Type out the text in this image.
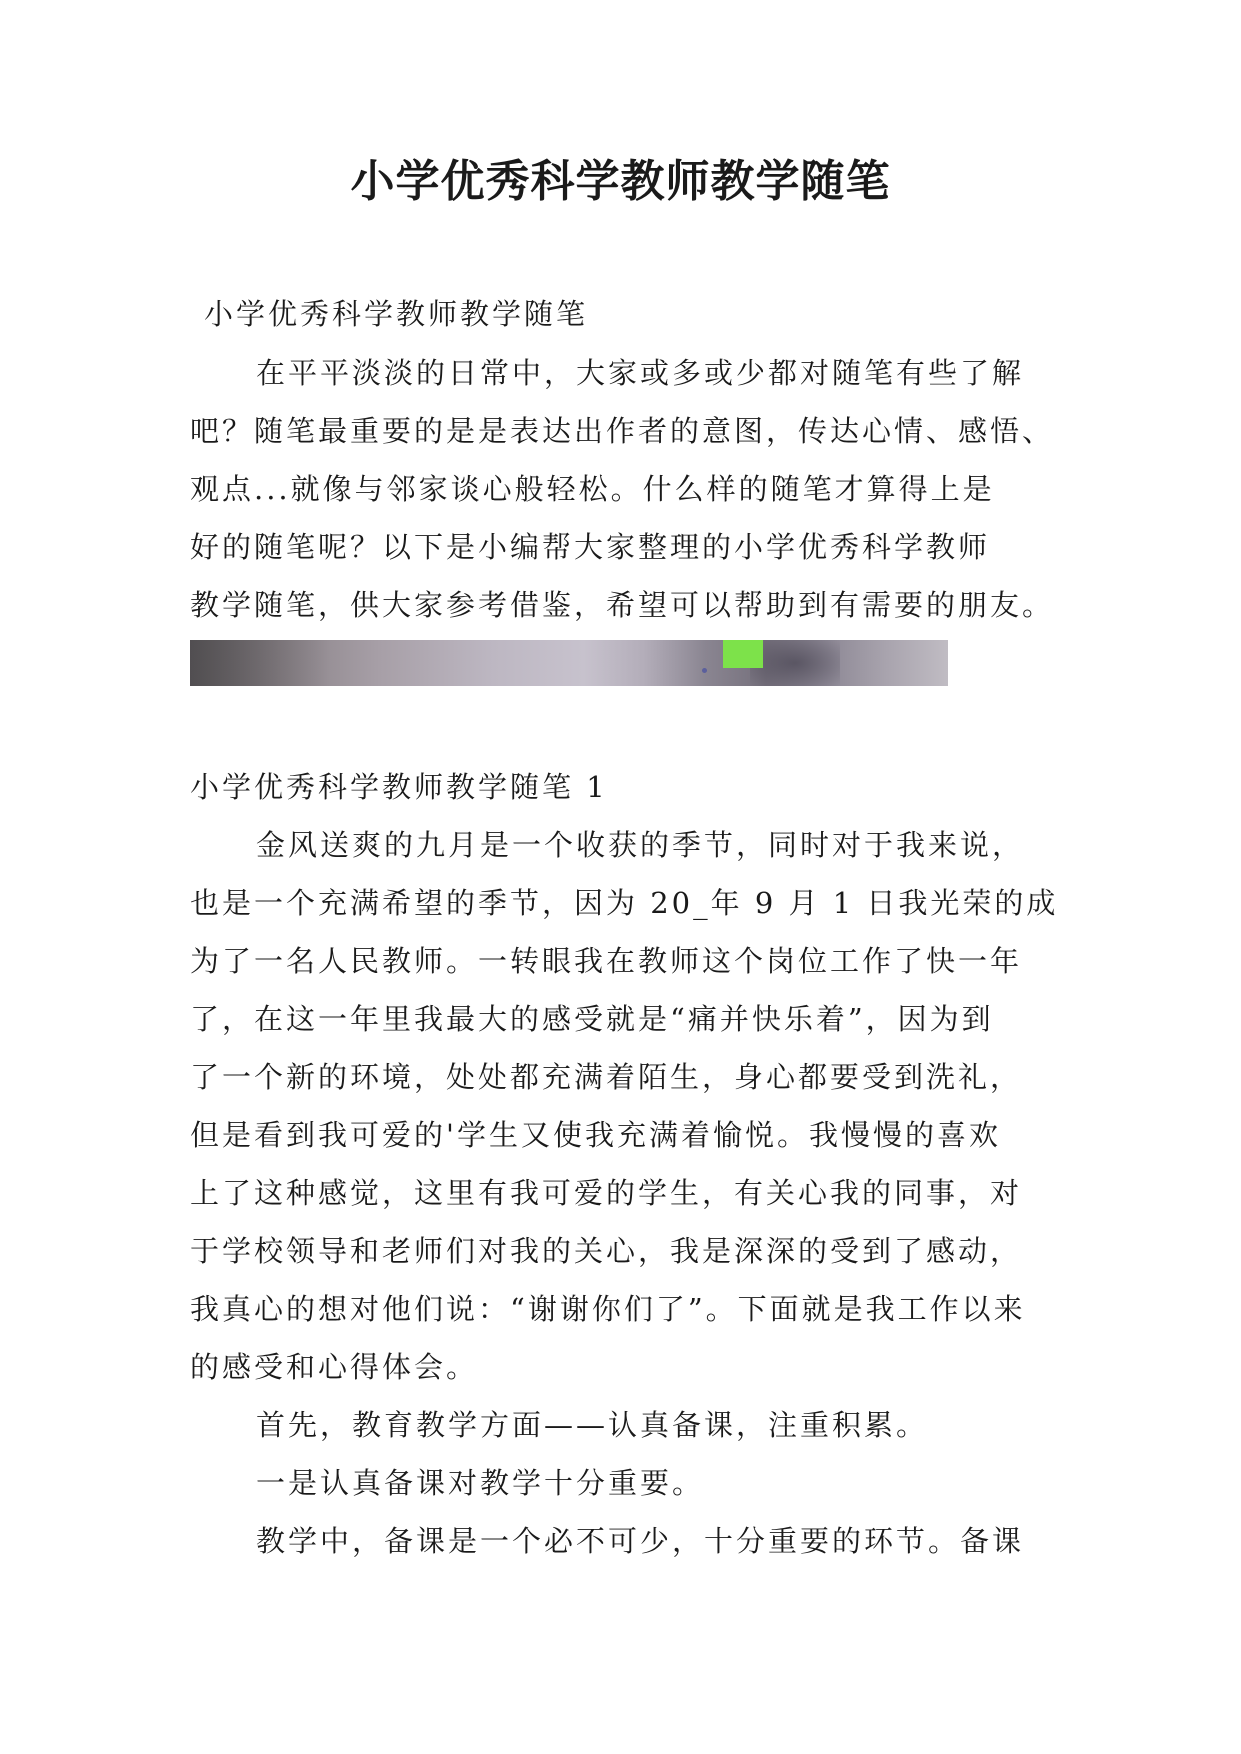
小学优秀科学教师教学随笔
小学优秀科学教师教学随笔
在平平淡淡的日常中，大家或多或少都对随笔有些了解
吧？随笔最重要的是是表达出作者的意图，传达心情、感悟、
观点...就像与邻家谈心般轻松。什么样的随笔才算得上是
好的随笔呢？以下是小编帮大家整理的小学优秀科学教师
教学随笔，供大家参考借鉴，希望可以帮助到有需要的朋友。
小学优秀科学教师教学随笔 1
金风送爽的九月是一个收获的季节，同时对于我来说，
也是一个充满希望的季节，因为 20_年 9 月 1 日我光荣的成
为了一名人民教师。一转眼我在教师这个岗位工作了快一年
了，在这一年里我最大的感受就是“痛并快乐着”，因为到
了一个新的环境，处处都充满着陌生，身心都要受到洗礼，
但是看到我可爱的'学生又使我充满着愉悦。我慢慢的喜欢
上了这种感觉，这里有我可爱的学生，有关心我的同事，对
于学校领导和老师们对我的关心，我是深深的受到了感动，
我真心的想对他们说：“谢谢你们了”。下面就是我工作以来
的感受和心得体会。
首先，教育教学方面——认真备课，注重积累。
一是认真备课对教学十分重要。
教学中，备课是一个必不可少，十分重要的环节。备课
